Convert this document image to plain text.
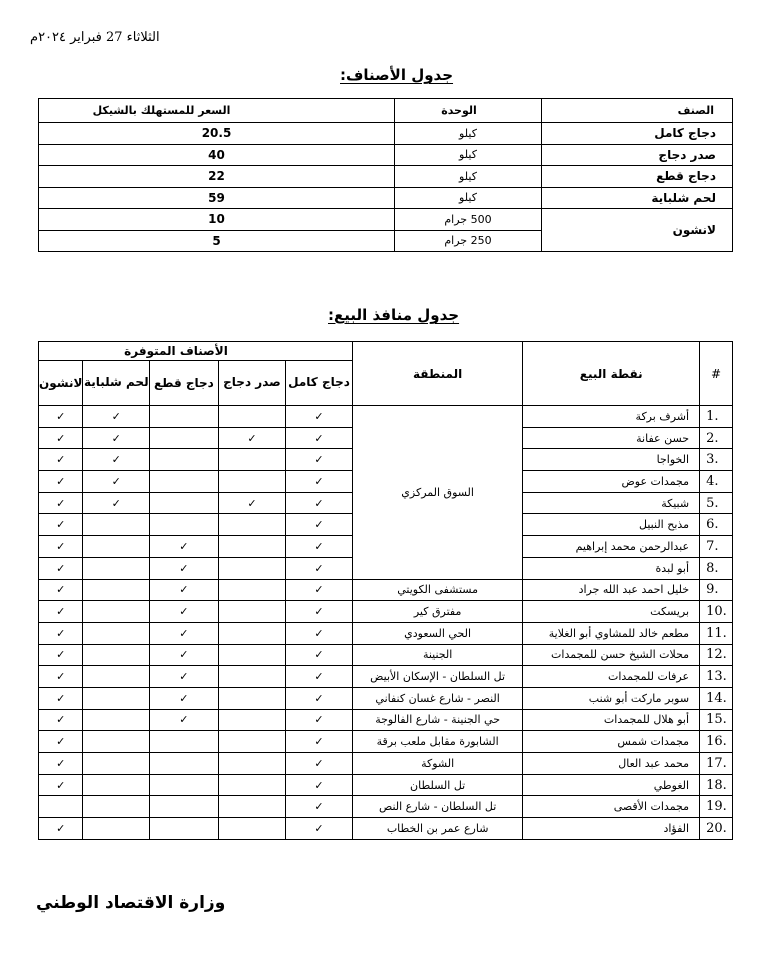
الثلاثاء 27 فبراير ٢٠٢٤م
جدول الأصناف:
الصنف	الوحدة	السعر للمستهلك بالشيكل
دجاج كامل	كيلو	20.5
صدر دجاج	كيلو	40
دجاج قطع	كيلو	22
لحم شلباية	كيلو	59
لانشون	500 جرام	10
	250 جرام	5
جدول منافذ البيع:
#	نقطة البيع	المنطقة	الأصناف المتوفرة				
			دجاج كامل	صدر دجاج	دجاج قطع	لحم شلباية	لانشون
.1	أشرف بركة	السوق المركزي	✓			✓	✓
.2	حسن عفانة		✓	✓		✓	✓
.3	الخواجا		✓			✓	✓
.4	مجمدات عوض		✓			✓	✓
.5	شبيكة		✓	✓		✓	✓
.6	مذبح النبيل		✓				✓
.7	عبدالرحمن محمد إبراهيم		✓		✓		✓
.8	أبو لبدة		✓		✓		✓
.9	خليل احمد عبد الله جراد	مستشفى الكويتي	✓		✓		✓
.10	بريسكت	مفترق كير	✓		✓		✓
.11	مطعم خالد للمشاوي أبو الغلاية	الحي السعودي	✓		✓		✓
.12	محلات الشيخ حسن للمجمدات	الجنينة	✓		✓		✓
.13	عرفات للمجمدات	تل السلطان - الإسكان الأبيض	✓		✓		✓
.14	سوبر ماركت أبو شنب	النصر - شارع غسان كنفاني	✓		✓		✓
.15	أبو هلال للمجمدات	حي الجنينة - شارع الفالوجة	✓		✓		✓
.16	مجمدات شمس	الشابورة مقابل ملعب برقة	✓				✓
.17	محمد عبد العال	الشوكة	✓				✓
.18	الغوطي	تل السلطان	✓				✓
.19	مجمدات الأقصى	تل السلطان - شارع النص	✓				
.20	الفؤاد	شارع عمر بن الخطاب	✓				✓
وزارة الاقتصاد الوطني
